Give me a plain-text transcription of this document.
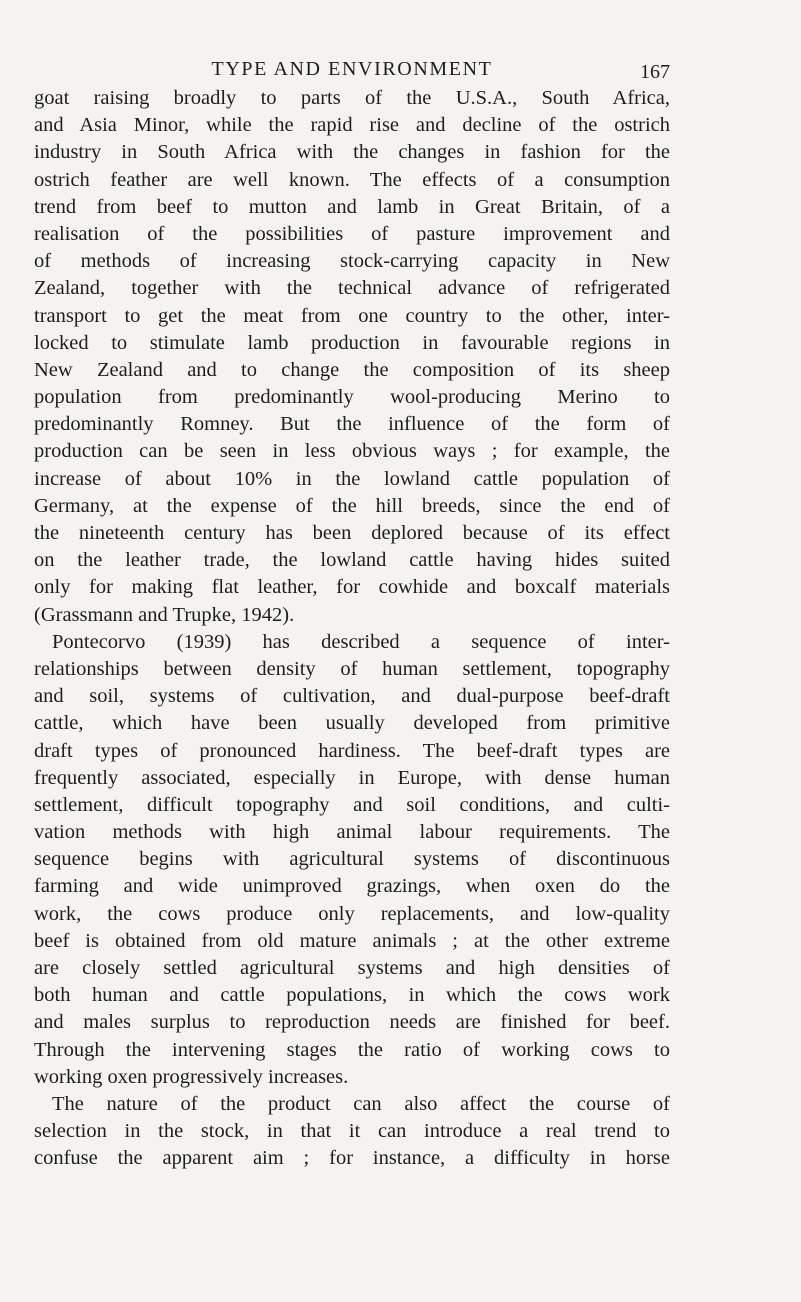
TYPE AND ENVIRONMENT	167
goat raising broadly to parts of the U.S.A., South Africa,
and Asia Minor, while the rapid rise and decline of the ostrich
industry in South Africa with the changes in fashion for the
ostrich feather are well known. The effects of a consumption
trend from beef to mutton and lamb in Great Britain, of a
realisation of the possibilities of pasture improvement and
of methods of increasing stock-carrying capacity in New
Zealand, together with the technical advance of refrigerated
transport to get the meat from one country to the other, inter-
locked to stimulate lamb production in favourable regions in
New Zealand and to change the composition of its sheep
population from predominantly wool-producing Merino to
predominantly Romney. But the influence of the form of
production can be seen in less obvious ways ; for example, the
increase of about 10% in the lowland cattle population of
Germany, at the expense of the hill breeds, since the end of
the nineteenth century has been deplored because of its effect
on the leather trade, the lowland cattle having hides suited
only for making flat leather, for cowhide and boxcalf materials
(Grassmann and Trupke, 1942).
Pontecorvo (1939) has described a sequence of inter-
relationships between density of human settlement, topography
and soil, systems of cultivation, and dual-purpose beef-draft
cattle, which have been usually developed from primitive
draft types of pronounced hardiness. The beef-draft types are
frequently associated, especially in Europe, with dense human
settlement, difficult topography and soil conditions, and culti-
vation methods with high animal labour requirements. The
sequence begins with agricultural systems of discontinuous
farming and wide unimproved grazings, when oxen do the
work, the cows produce only replacements, and low-quality
beef is obtained from old mature animals ; at the other extreme
are closely settled agricultural systems and high densities of
both human and cattle populations, in which the cows work
and males surplus to reproduction needs are finished for beef.
Through the intervening stages the ratio of working cows to
working oxen progressively increases.
The nature of the product can also affect the course of
selection in the stock, in that it can introduce a real trend to
confuse the apparent aim ; for instance, a difficulty in horse
